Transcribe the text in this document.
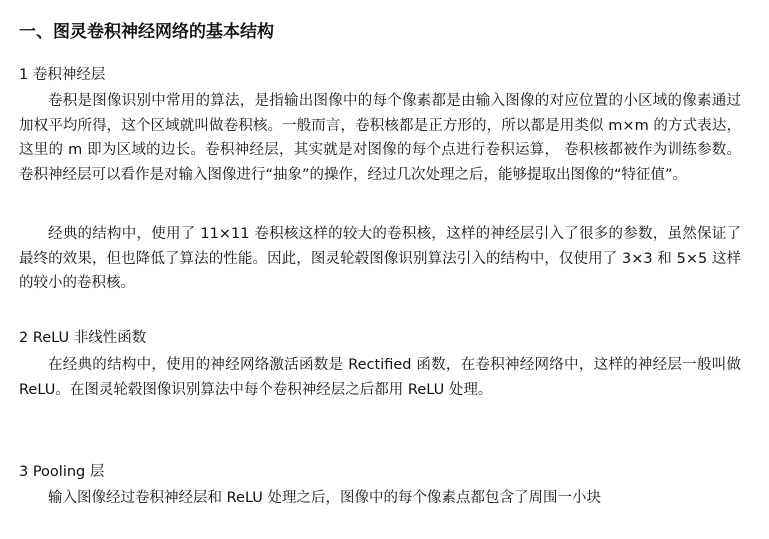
一、图灵卷积神经网络的基本结构
1 卷积神经层
卷积是图像识别中常用的算法，是指输出图像中的每个像素都是由输入图像的对应位置的小区域的像素通过加权平均所得，这个区域就叫做卷积核。一般而言，卷积核都是正方形的，所以都是用类似 m×m 的方式表达，这里的 m 即为区域的边长。卷积神经层，其实就是对图像的每个点进行卷积运算， 卷积核都被作为训练参数。卷积神经层可以看作是对输入图像进行“抽象”的操作，经过几次处理之后，能够提取出图像的“特征值”。
经典的结构中，使用了 11×11 卷积核这样的较大的卷积核，这样的神经层引入了很多的参数，虽然保证了最终的效果，但也降低了算法的性能。因此，图灵轮毂图像识别算法引入的结构中，仅使用了 3×3 和 5×5 这样的较小的卷积核。
2 ReLU 非线性函数
在经典的结构中，使用的神经网络激活函数是 Rectified 函数，在卷积神经网络中，这样的神经层一般叫做 ReLU。在图灵轮毂图像识别算法中每个卷积神经层之后都用 ReLU 处理。
3 Pooling 层
输入图像经过卷积神经层和 ReLU 处理之后，图像中的每个像素点都包含了周围一小块
